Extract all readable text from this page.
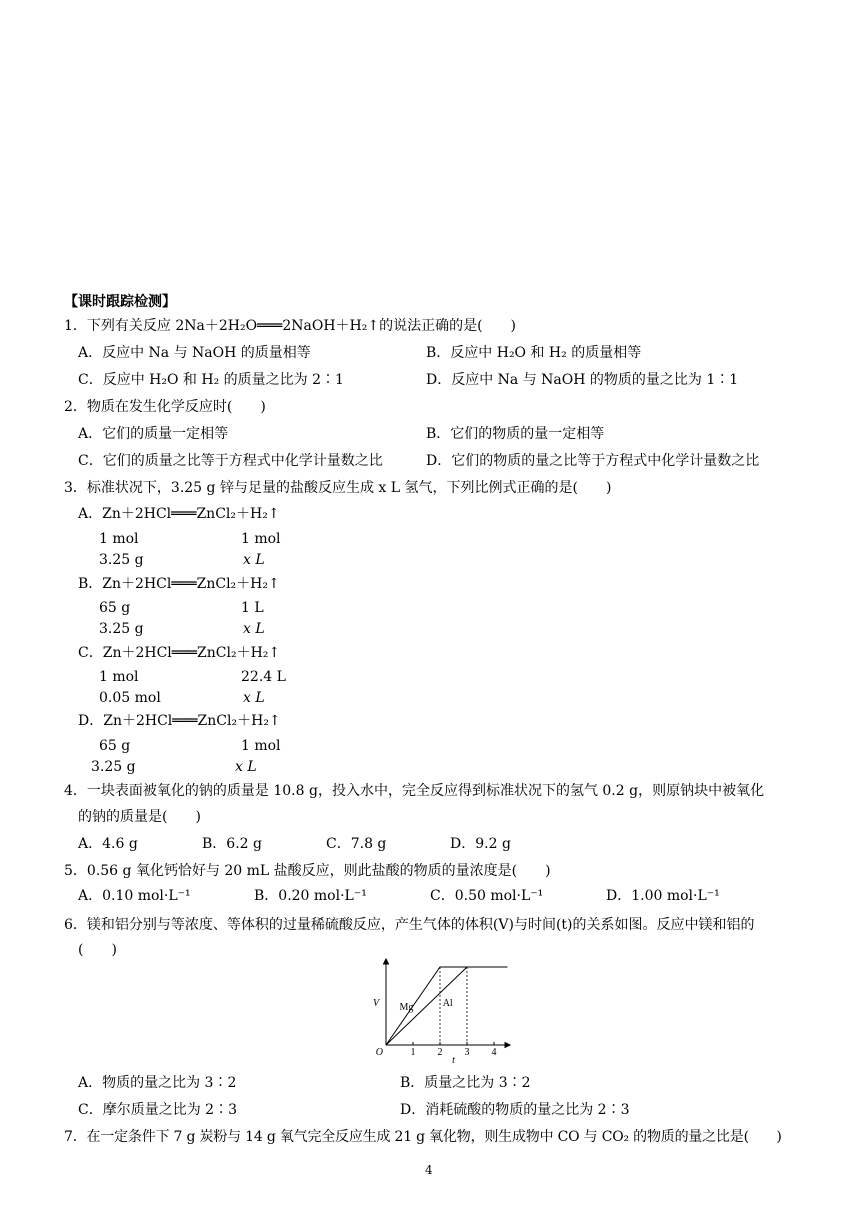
【课时跟踪检测】
1．下列有关反应 2Na＋2H₂O═══2NaOH＋H₂↑的说法正确的是(　　)
A．反应中 Na 与 NaOH 的质量相等	B．反应中 H₂O 和 H₂ 的质量相等
C．反应中 H₂O 和 H₂ 的质量之比为 2∶1	D．反应中 Na 与 NaOH 的物质的量之比为 1∶1
2．物质在发生化学反应时(　　)
A．它们的质量一定相等	B．它们的物质的量一定相等
C．它们的质量之比等于方程式中化学计量数之比	D．它们的物质的量之比等于方程式中化学计量数之比
3．标准状况下，3.25 g 锌与足量的盐酸反应生成 x L 氢气，下列比例式正确的是(　　)
A．Zn＋2HCl═══ZnCl₂＋H₂↑
1 mol	1 mol
3.25 g	x L
B．Zn＋2HCl═══ZnCl₂＋H₂↑
65 g	1 L
3.25 g	x L
C．Zn＋2HCl═══ZnCl₂＋H₂↑
1 mol	22.4 L
0.05 mol	x L
D．Zn＋2HCl═══ZnCl₂＋H₂↑
65 g	1 mol
3.25 g	x L
4．一块表面被氧化的钠的质量是 10.8 g，投入水中，完全反应得到标准状况下的氢气 0.2 g，则原钠块中被氧化
的钠的质量是(　　)
A．4.6 g	B．6.2 g	C．7.8 g	D．9.2 g
5．0.56 g 氧化钙恰好与 20 mL 盐酸反应，则此盐酸的物质的量浓度是(　　)
A．0.10 mol·L⁻¹	B．0.20 mol·L⁻¹	C．0.50 mol·L⁻¹	D．1.00 mol·L⁻¹
6．镁和铝分别与等浓度、等体积的过量稀硫酸反应，产生气体的体积(V)与时间(t)的关系如图。反应中镁和铝的
(　　)
1 2 3 4
O
V
t
Mg	Al
A．物质的量之比为 3∶2	B．质量之比为 3∶2
C．摩尔质量之比为 2∶3	D．消耗硫酸的物质的量之比为 2∶3
7．在一定条件下 7 g 炭粉与 14 g 氧气完全反应生成 21 g 氧化物，则生成物中 CO 与 CO₂ 的物质的量之比是(　　)
4
